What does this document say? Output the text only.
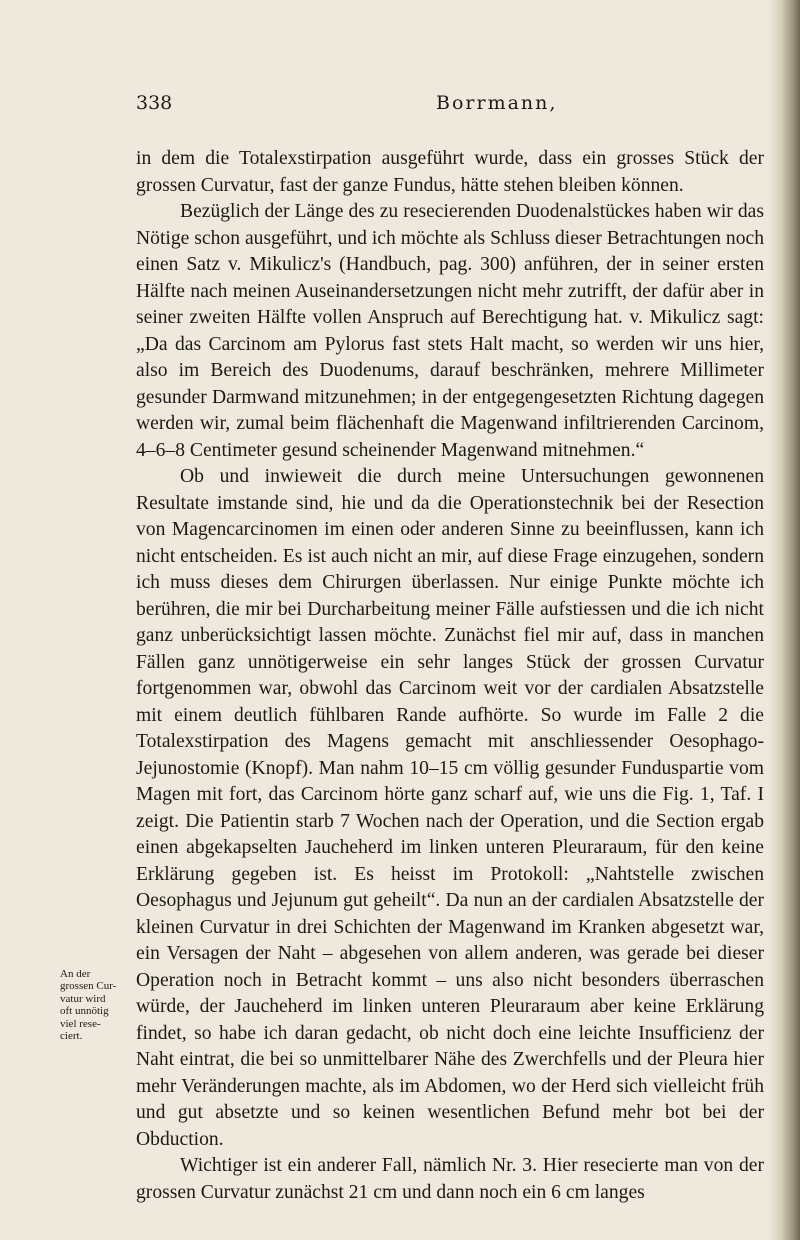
338	Borrmann,
An der
grossen Cur-
vatur wird
oft unnötig
viel rese-
ciert.

in dem die Totalexstirpation ausgeführt wurde, dass ein grosses Stück der grossen Curvatur, fast der ganze Fundus, hätte stehen bleiben können.

Bezüglich der Länge des zu resecierenden Duodenalstückes haben wir das Nötige schon ausgeführt, und ich möchte als Schluss dieser Betrachtungen noch einen Satz v. Mikulicz's (Handbuch, pag. 300) anführen, der in seiner ersten Hälfte nach meinen Auseinandersetzungen nicht mehr zutrifft, der dafür aber in seiner zweiten Hälfte vollen Anspruch auf Berechtigung hat. v. Mikulicz sagt: „Da das Carcinom am Pylorus fast stets Halt macht, so werden wir uns hier, also im Bereich des Duodenums, darauf beschränken, mehrere Millimeter gesunder Darmwand mitzunehmen; in der entgegengesetzten Richtung dagegen werden wir, zumal beim flächenhaft die Magenwand infiltrierenden Carcinom, 4–6–8 Centimeter gesund scheinender Magenwand mitnehmen.“

Ob und inwieweit die durch meine Untersuchungen gewonnenen Resultate imstande sind, hie und da die Operationstechnik bei der Resection von Magencarcinomen im einen oder anderen Sinne zu beeinflussen, kann ich nicht entscheiden. Es ist auch nicht an mir, auf diese Frage einzugehen, sondern ich muss dieses dem Chirurgen überlassen. Nur einige Punkte möchte ich berühren, die mir bei Durcharbeitung meiner Fälle aufstiessen und die ich nicht ganz unberücksichtigt lassen möchte. Zunächst fiel mir auf, dass in manchen Fällen ganz unnötigerweise ein sehr langes Stück der grossen Curvatur fortgenommen war, obwohl das Carcinom weit vor der cardialen Absatzstelle mit einem deutlich fühlbaren Rande aufhörte. So wurde im Falle 2 die Totalexstirpation des Magens gemacht mit anschliessender Oesophago-Jejunostomie (Knopf). Man nahm 10–15 cm völlig gesunder Funduspartie vom Magen mit fort, das Carcinom hörte ganz scharf auf, wie uns die Fig. 1, Taf. I zeigt. Die Patientin starb 7 Wochen nach der Operation, und die Section ergab einen abgekapselten Jaucheherd im linken unteren Pleuraraum, für den keine Erklärung gegeben ist. Es heisst im Protokoll: „Nahtstelle zwischen Oesophagus und Jejunum gut geheilt“. Da nun an der cardialen Absatzstelle der kleinen Curvatur in drei Schichten der Magenwand im Kranken abgesetzt war, ein Versagen der Naht – abgesehen von allem anderen, was gerade bei dieser Operation noch in Betracht kommt – uns also nicht besonders überraschen würde, der Jaucheherd im linken unteren Pleuraraum aber keine Erklärung findet, so habe ich daran gedacht, ob nicht doch eine leichte Insufficienz der Naht eintrat, die bei so unmittelbarer Nähe des Zwerchfells und der Pleura hier mehr Veränderungen machte, als im Abdomen, wo der Herd sich vielleicht früh und gut absetzte und so keinen wesentlichen Befund mehr bot bei der Obduction.

Wichtiger ist ein anderer Fall, nämlich Nr. 3. Hier resecierte man von der grossen Curvatur zunächst 21 cm und dann noch ein 6 cm langes
